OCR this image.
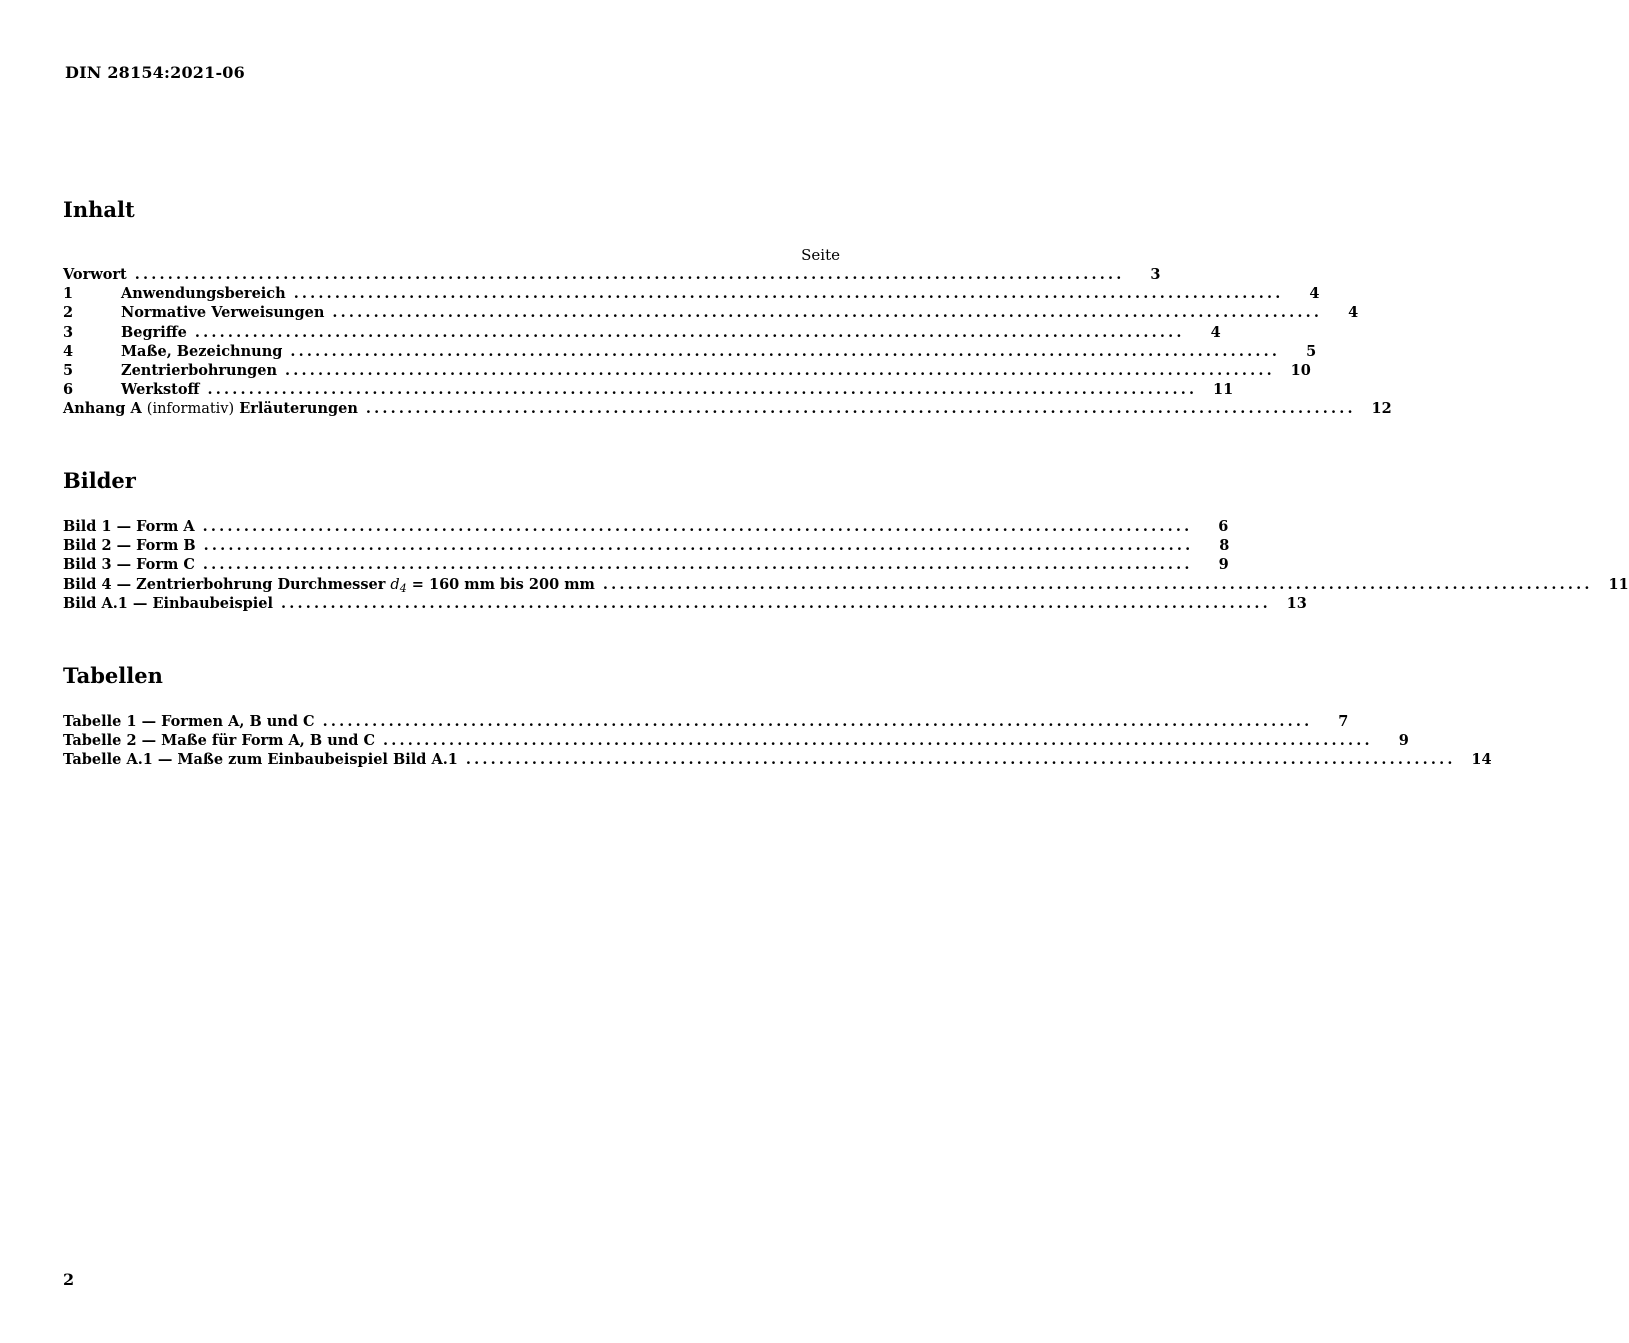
DIN 28154:2021-06
Inhalt
Seite
Vorwort ........................................................................................................................	3
1	Anwendungsbereich ........................................................................................................................	4
2	Normative Verweisungen ........................................................................................................................	4
3	Begriffe ........................................................................................................................	4
4	Maße, Bezeichnung ........................................................................................................................	5
5	Zentrierbohrungen ........................................................................................................................	10
6	Werkstoff ........................................................................................................................	11
Anhang A (informativ) Erläuterungen ........................................................................................................................	12
Bilder
Bild 1 — Form A ........................................................................................................................	6
Bild 2 — Form B ........................................................................................................................	8
Bild 3 — Form C ........................................................................................................................	9
Bild 4 — Zentrierbohrung Durchmesser $d_4 = 160$ mm bis 200 mm ........................................................................................................................	11
Bild A.1 — Einbaubeispiel ........................................................................................................................	13
Tabellen
Tabelle 1 — Formen A, B und C ........................................................................................................................	7
Tabelle 2 — Maße für Form A, B und C ........................................................................................................................	9
Tabelle A.1 — Maße zum Einbaubeispiel Bild A.1 ........................................................................................................................	14
2
